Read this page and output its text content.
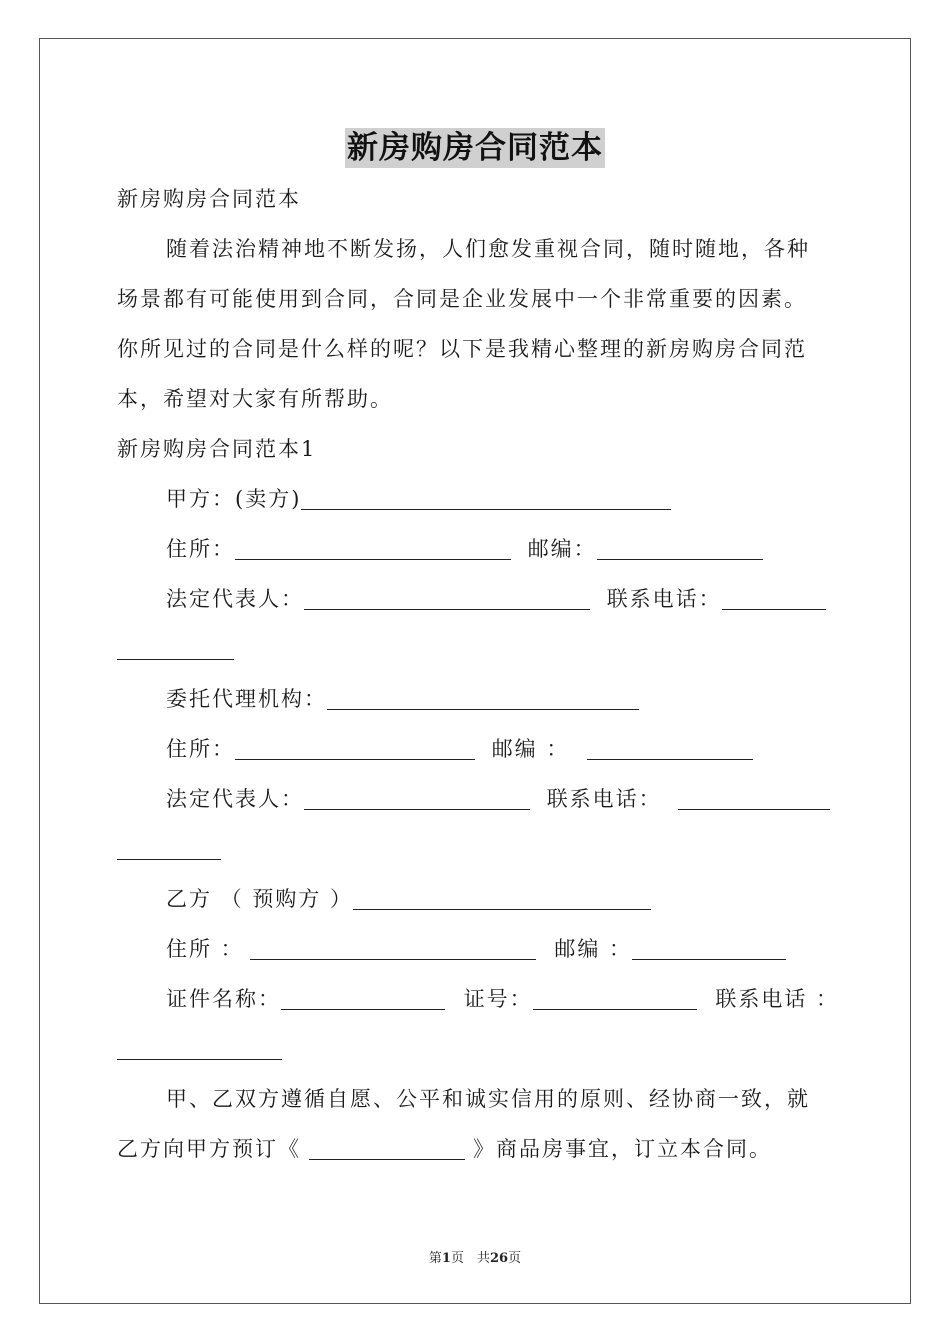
新房购房合同范本
新房购房合同范本
随着法治精神地不断发扬，人们愈发重视合同，随时随地，各种
场景都有可能使用到合同，合同是企业发展中一个非常重要的因素。
你所见过的合同是什么样的呢？以下是我精心整理的新房购房合同范
本，希望对大家有所帮助。
新房购房合同范本1
甲方：(卖方)
住所：	邮编：
法定代表人：	联系电话：
委托代理机构：
住所：	邮编 ：
法定代表人：	联系电话：
乙方 （ 预购方 ）
住所 ：	邮编 ：
证件名称：	证号：	联系电话 ：
甲、乙双方遵循自愿、公平和诚实信用的原则、经协商一致，就
乙方向甲方预订《	》商品房事宜，订立本合同。
第1页　共26页
